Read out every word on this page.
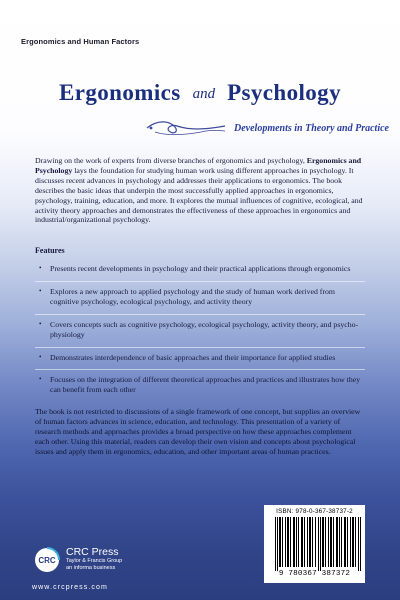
Ergonomics and Human Factors
Ergonomics and Psychology
Developments in Theory and Practice

Drawing on the work of experts from diverse branches of ergonomics and psychology, Ergonomics and Psychology lays the foundation for studying human work using different approaches in psychology. It discusses recent advances in psychology and addresses their applications to ergonomics. The book describes the basic ideas that underpin the most successfully applied approaches in ergonomics, psychology, training, education, and more. It explores the mutual influences of cognitive, ecological, and activity theory approaches and demonstrates the effectiveness of these approaches in ergonomics and industrial/organizational psychology.

Features
• Presents recent developments in psychology and their practical applications through ergonomics
• Explores a new approach to applied psychology and the study of human work derived from cognitive psychology, ecological psychology, and activity theory
• Covers concepts such as cognitive psychology, ecological psychology, activity theory, and psycho-physiology
• Demonstrates interdependence of basic approaches and their importance for applied studies
• Focuses on the integration of different theoretical approaches and practices and illustrates how they can benefit from each other

The book is not restricted to discussions of a single framework of one concept, but supplies an overview of human factors advances in science, education, and technology. This presentation of a variety of research methods and approaches provides a broad perspective on how these approaches complement each other. Using this material, readers can develop their own vision and concepts about psychological issues and apply them in ergonomics, education, and other important areas of human practices.

CRC
CRC Press
Taylor & Francis Group
an informa business
www.crcpress.com
ISBN: 978-0-367-38737-2
9 780367 387372
